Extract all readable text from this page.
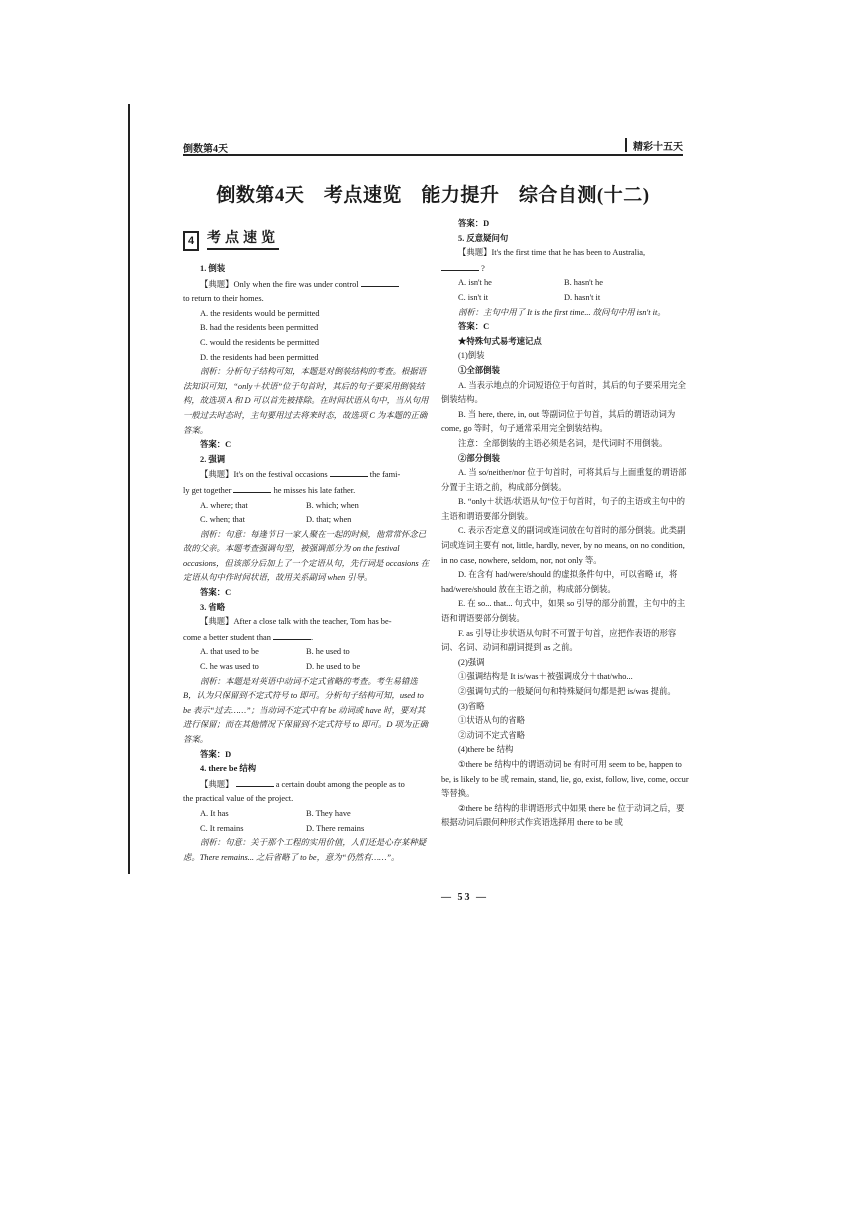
倒数第4天	精彩十五天
倒数第4天　考点速览　能力提升　综合自测(十二)
4 考点速览

1. 倒装

【典题】Only when the fire was under control

to return to their homes.

A. the residents would be permitted

B. had the residents been permitted

C. would the residents be permitted

D. the residents had been permitted

剖析：分析句子结构可知，本题是对倒装结构的考查。根据语法知识可知，“only＋状语”位于句首时，其后的句子要采用倒装结构，故选项 A 和 D 可以首先被排除。在时间状语从句中，当从句用一般过去时态时，主句要用过去将来时态，故选项 C 为本题的正确答案。

答案：C

2. 强调

【典题】It's on the festival occasions	the fami-

ly get together	he misses his late father.

A. where; that	B. which; when

C. when; that	D. that; when

剖析：句意：每逢节日一家人聚在一起的时候，他常常怀念已故的父亲。本题考查强调句型，被强调部分为 on the festival occasions，但该部分后加上了一个定语从句，先行词是 occasions 在定语从句中作时间状语，故用关系副词 when 引导。

答案：C

3. 省略

【典题】After a close talk with the teacher, Tom has be-

come a better student than	.

A. that used to be	B. he used to

C. he was used to	D. he used to be

剖析：本题是对英语中动词不定式省略的考查。考生易错选 B，认为只保留到不定式符号 to 即可。分析句子结构可知，used to be 表示“过去……”；当动词不定式中有 be 动词或 have 时，要对其进行保留；而在其他情况下保留到不定式符号 to 即可。D 项为正确答案。

答案：D

4. there be 结构

【典题】	a certain doubt among the people as to

the practical value of the project.

A. It has	B. They have

C. It remains	D. There remains

剖析：句意：关于那个工程的实用价值，人们还是心存某种疑虑。There remains... 之后省略了 to be，意为“仍然有……”。

答案：D

5. 反意疑问句

【典题】It's the first time that he has been to Australia,

?

A. isn't he	B. hasn't he

C. isn't it	D. hasn't it

剖析：主句中用了 It is the first time... 故问句中用 isn't it。

答案：C

★特殊句式易考速记点

(1)倒装

①全部倒装

A. 当表示地点的介词短语位于句首时，其后的句子要采用完全倒装结构。

B. 当 here, there, in, out 等副词位于句首，其后的谓语动词为 come, go 等时，句子通常采用完全倒装结构。

注意：全部倒装的主语必须是名词，是代词时不用倒装。

②部分倒装

A. 当 so/neither/nor 位于句首时，可将其后与上面重复的谓语部分置于主语之前，构成部分倒装。

B. “only＋状语/状语从句”位于句首时，句子的主语或主句中的主语和谓语要部分倒装。

C. 表示否定意义的副词或连词放在句首时的部分倒装。此类副词或连词主要有 not, little, hardly, never, by no means, on no condition, in no case, nowhere, seldom, nor, not only 等。

D. 在含有 had/were/should 的虚拟条件句中，可以省略 if，将 had/were/should 放在主语之前，构成部分倒装。

E. 在 so... that... 句式中，如果 so 引导的部分前置，主句中的主语和谓语要部分倒装。

F. as 引导让步状语从句时不可置于句首，应把作表语的形容词、名词、动词和副词提到 as 之前。

(2)强调

①强调结构是 It is/was＋被强调成分＋that/who...

②强调句式的一般疑问句和特殊疑问句都是把 is/was 提前。

(3)省略

①状语从句的省略

②动词不定式省略

(4)there be 结构

①there be 结构中的谓语动词 be 有时可用 seem to be, happen to be, is likely to be 或 remain, stand, lie, go, exist, follow, live, come, occur 等替换。

②there be 结构的非谓语形式中如果 there be 位于动词之后，要根据动词后跟何种形式作宾语选择用 there to be 或

— 53 —
